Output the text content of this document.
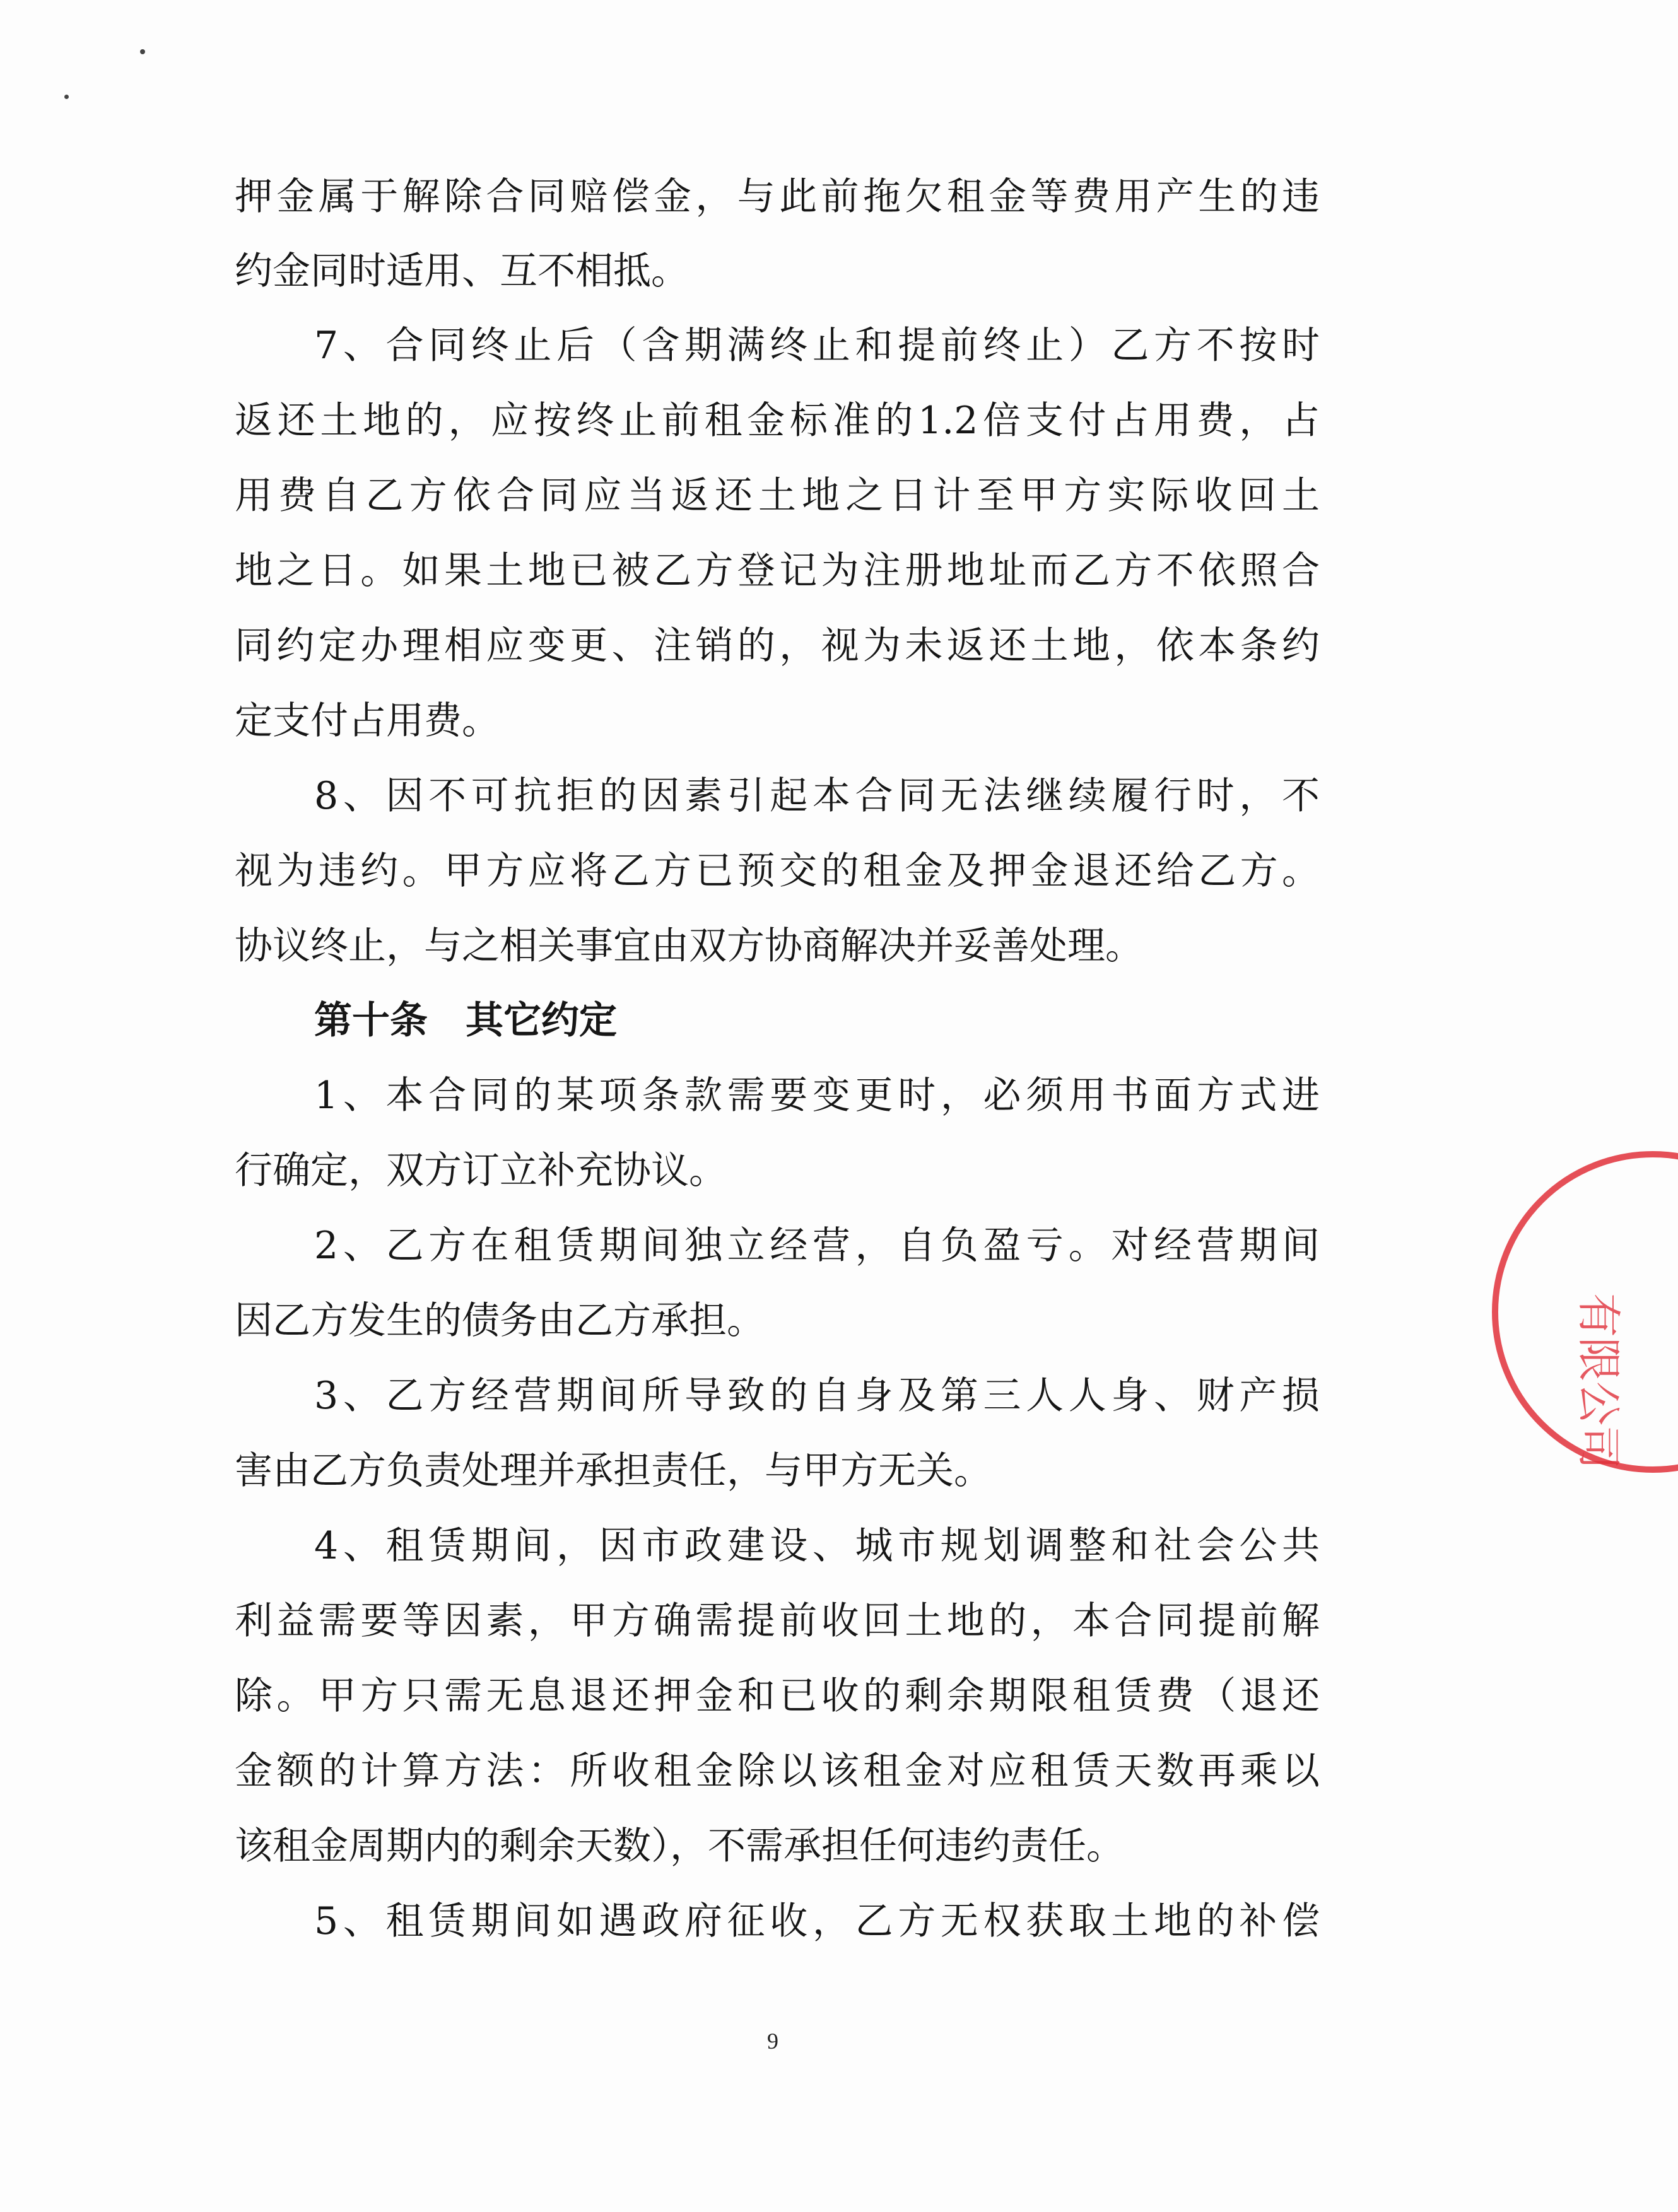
押金属于解除合同赔偿金，与此前拖欠租金等费用产生的违
约金同时适用、互不相抵。
7、合同终止后（含期满终止和提前终止）乙方不按时
返还土地的，应按终止前租金标准的1.2倍支付占用费，占
用费自乙方依合同应当返还土地之日计至甲方实际收回土
地之日。如果土地已被乙方登记为注册地址而乙方不依照合
同约定办理相应变更、注销的，视为未返还土地，依本条约
定支付占用费。
8、因不可抗拒的因素引起本合同无法继续履行时，不
视为违约。甲方应将乙方已预交的租金及押金退还给乙方。
协议终止，与之相关事宜由双方协商解决并妥善处理。
第十条　其它约定
1、本合同的某项条款需要变更时，必须用书面方式进
行确定，双方订立补充协议。
2、乙方在租赁期间独立经营，自负盈亏。对经营期间
因乙方发生的债务由乙方承担。
3、乙方经营期间所导致的自身及第三人人身、财产损
害由乙方负责处理并承担责任，与甲方无关。
4、租赁期间，因市政建设、城市规划调整和社会公共
利益需要等因素，甲方确需提前收回土地的，本合同提前解
除。甲方只需无息退还押金和已收的剩余期限租赁费（退还
金额的计算方法：所收租金除以该租金对应租赁天数再乘以
该租金周期内的剩余天数），不需承担任何违约责任。
5、租赁期间如遇政府征收，乙方无权获取土地的补偿
有限公司
9
